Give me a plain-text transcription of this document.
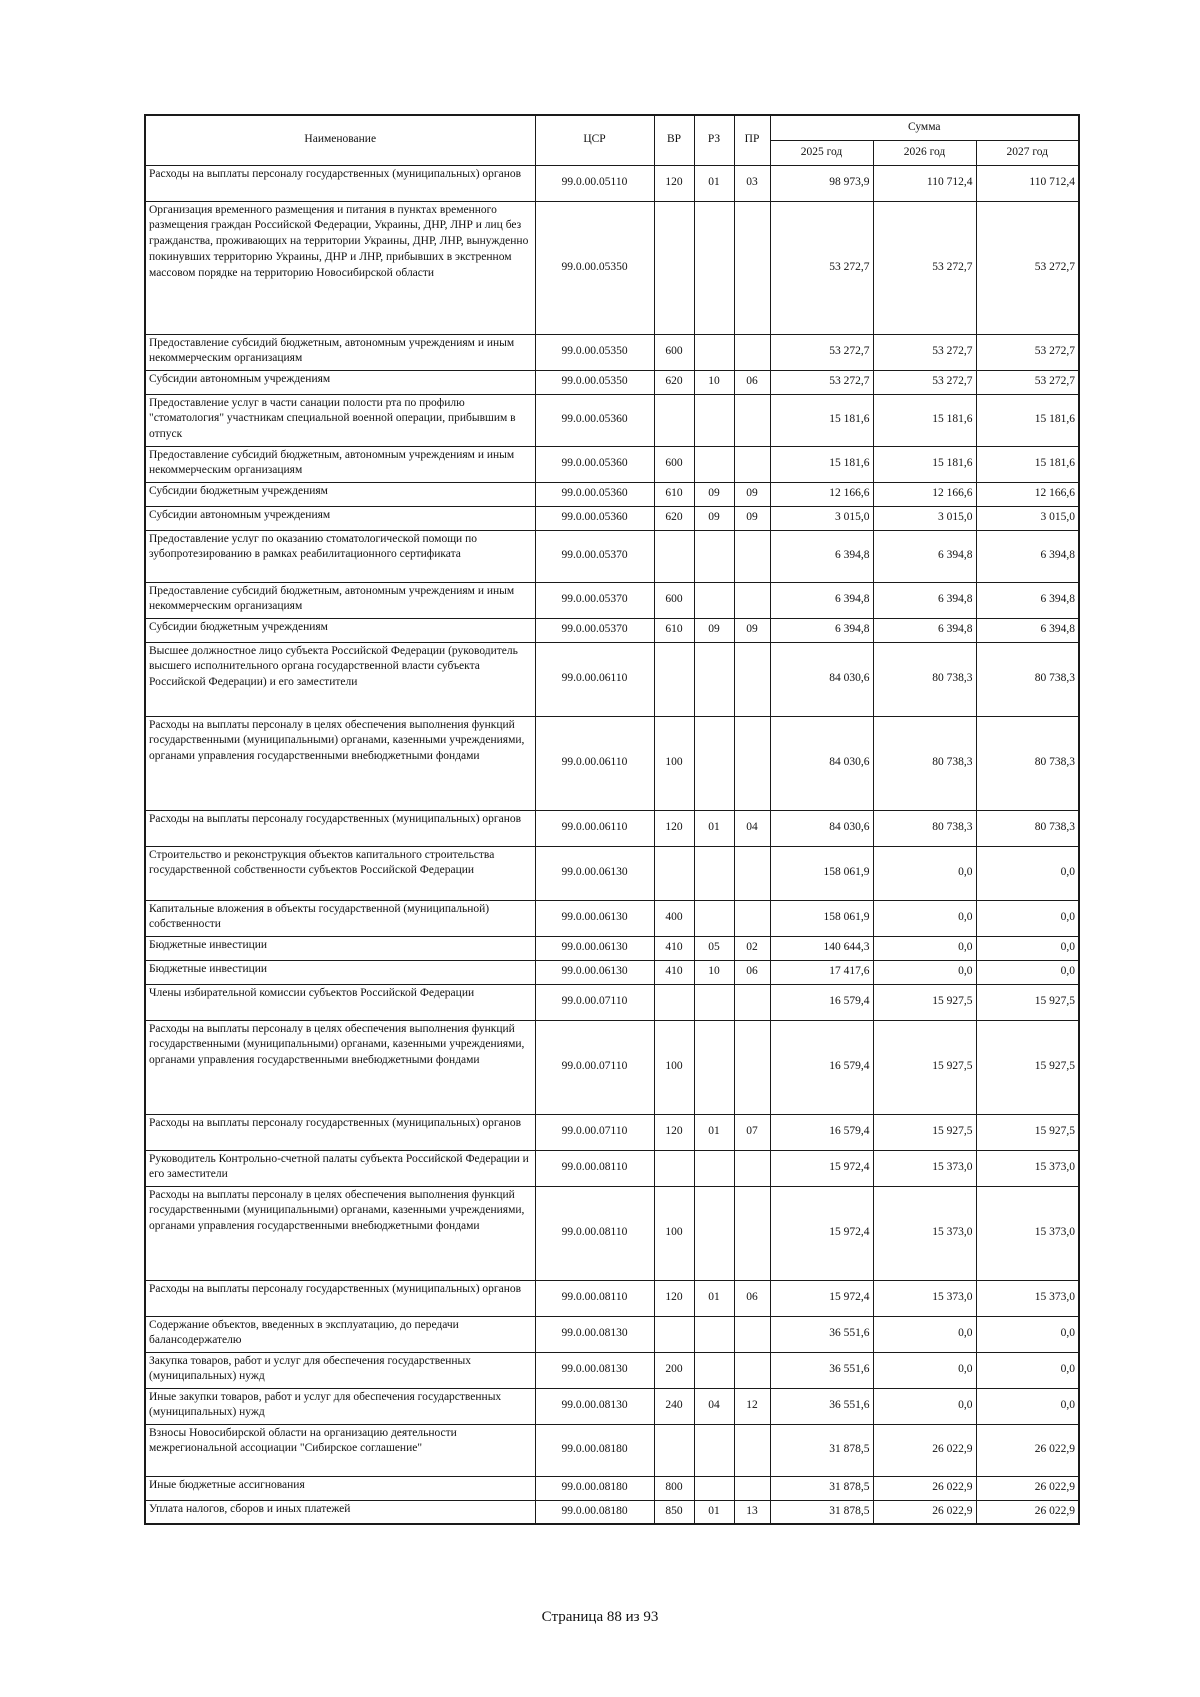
Наименование	ЦСР	ВР	РЗ	ПР	Сумма		
					2025 год	2026 год	2027 год
Расходы на выплаты персоналу государственных (муниципальных) органов	99.0.00.05110	120	01	03	98 973,9	110 712,4	110 712,4
Организация временного размещения и питания в пунктах временного размещения граждан Российской Федерации, Украины, ДНР, ЛНР и лиц без гражданства, проживающих на территории Украины, ДНР, ЛНР, вынужденно покинувших территорию Украины, ДНР и ЛНР, прибывших в экстренном массовом порядке на территорию Новосибирской области	99.0.00.05350				53 272,7	53 272,7	53 272,7
Предоставление субсидий бюджетным, автономным учреждениям и иным некоммерческим организациям	99.0.00.05350	600			53 272,7	53 272,7	53 272,7
Субсидии автономным учреждениям	99.0.00.05350	620	10	06	53 272,7	53 272,7	53 272,7
Предоставление услуг в части санации полости рта по профилю "стоматология" участникам специальной военной операции, прибывшим в отпуск	99.0.00.05360				15 181,6	15 181,6	15 181,6
Предоставление субсидий бюджетным, автономным учреждениям и иным некоммерческим организациям	99.0.00.05360	600			15 181,6	15 181,6	15 181,6
Субсидии бюджетным учреждениям	99.0.00.05360	610	09	09	12 166,6	12 166,6	12 166,6
Субсидии автономным учреждениям	99.0.00.05360	620	09	09	3 015,0	3 015,0	3 015,0
Предоставление услуг по оказанию стоматологической помощи по зубопротезированию в рамках реабилитационного сертификата	99.0.00.05370				6 394,8	6 394,8	6 394,8
Предоставление субсидий бюджетным, автономным учреждениям и иным некоммерческим организациям	99.0.00.05370	600			6 394,8	6 394,8	6 394,8
Субсидии бюджетным учреждениям	99.0.00.05370	610	09	09	6 394,8	6 394,8	6 394,8
Высшее должностное лицо субъекта Российской Федерации (руководитель высшего исполнительного органа государственной власти субъекта Российской Федерации) и его заместители	99.0.00.06110				84 030,6	80 738,3	80 738,3
Расходы на выплаты персоналу в целях обеспечения выполнения функций государственными (муниципальными) органами, казенными учреждениями, органами управления государственными внебюджетными фондами	99.0.00.06110	100			84 030,6	80 738,3	80 738,3
Расходы на выплаты персоналу государственных (муниципальных) органов	99.0.00.06110	120	01	04	84 030,6	80 738,3	80 738,3
Строительство и реконструкция объектов капитального строительства государственной собственности субъектов Российской Федерации	99.0.00.06130				158 061,9	0,0	0,0
Капитальные вложения в объекты государственной (муниципальной) собственности	99.0.00.06130	400			158 061,9	0,0	0,0
Бюджетные инвестиции	99.0.00.06130	410	05	02	140 644,3	0,0	0,0
Бюджетные инвестиции	99.0.00.06130	410	10	06	17 417,6	0,0	0,0
Члены избирательной комиссии субъектов Российской Федерации	99.0.00.07110				16 579,4	15 927,5	15 927,5
Расходы на выплаты персоналу в целях обеспечения выполнения функций государственными (муниципальными) органами, казенными учреждениями, органами управления государственными внебюджетными фондами	99.0.00.07110	100			16 579,4	15 927,5	15 927,5
Расходы на выплаты персоналу государственных (муниципальных) органов	99.0.00.07110	120	01	07	16 579,4	15 927,5	15 927,5
Руководитель Контрольно-счетной палаты субъекта Российской Федерации и его заместители	99.0.00.08110				15 972,4	15 373,0	15 373,0
Расходы на выплаты персоналу в целях обеспечения выполнения функций государственными (муниципальными) органами, казенными учреждениями, органами управления государственными внебюджетными фондами	99.0.00.08110	100			15 972,4	15 373,0	15 373,0
Расходы на выплаты персоналу государственных (муниципальных) органов	99.0.00.08110	120	01	06	15 972,4	15 373,0	15 373,0
Содержание объектов, введенных в эксплуатацию, до передачи балансодержателю	99.0.00.08130				36 551,6	0,0	0,0
Закупка товаров, работ и услуг для обеспечения государственных (муниципальных) нужд	99.0.00.08130	200			36 551,6	0,0	0,0
Иные закупки товаров, работ и услуг для обеспечения государственных (муниципальных) нужд	99.0.00.08130	240	04	12	36 551,6	0,0	0,0
Взносы Новосибирской области на организацию деятельности межрегиональной ассоциации "Сибирское соглашение"	99.0.00.08180				31 878,5	26 022,9	26 022,9
Иные бюджетные ассигнования	99.0.00.08180	800			31 878,5	26 022,9	26 022,9
Уплата налогов, сборов и иных платежей	99.0.00.08180	850	01	13	31 878,5	26 022,9	26 022,9
Страница 88 из 93
